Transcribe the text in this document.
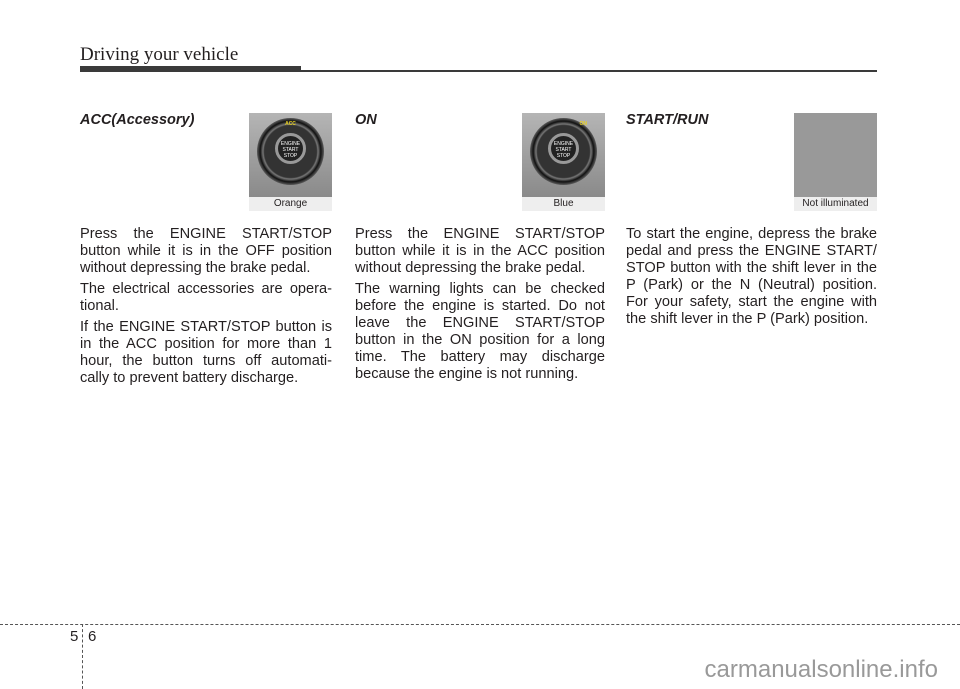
Driving your vehicle
ACC(Accessory)	ACC
ENGINE START STOP
Orange

Press the ENGINE START/STOP button while it is in the OFF position without depressing the brake pedal.

The electrical accessories are opera-tional.

If the ENGINE START/STOP button is in the ACC position for more than 1 hour, the button turns off automati-cally to prevent battery discharge.

ON	ON
ENGINE START STOP
Blue

Press the ENGINE START/STOP button while it is in the ACC position without depressing the brake pedal.

The warning lights can be checked before the engine is started. Do not leave the ENGINE START/STOP button in the ON position for a long time. The battery may discharge because the engine is not running.

START/RUN
Not illuminated

To start the engine, depress the brake pedal and press the ENGINE START/ STOP button with the shift lever in the P (Park) or the N (Neutral) position. For your safety, start the engine with the shift lever in the P (Park) position.

5 6
carmanualsonline.info
